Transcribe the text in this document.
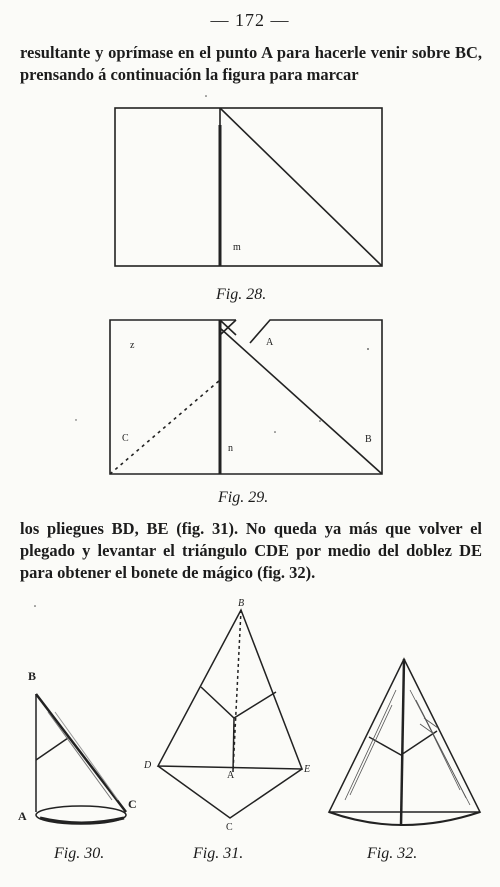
— 172 —
resultante y oprímase en el punto A para hacerle venir sobre BC, prensando á continuación la figura para marcar
m
z	A
C
n
B
B
A
C
B
D	E
A
C
Fig. 28.
Fig. 29.
los pliegues BD, BE (fig. 31). No queda ya más que volver el plegado y levantar el triángulo CDE por medio del doblez DE para obtener el bonete de mágico (fig. 32).
Fig. 30.	Fig. 31.	Fig. 32.
